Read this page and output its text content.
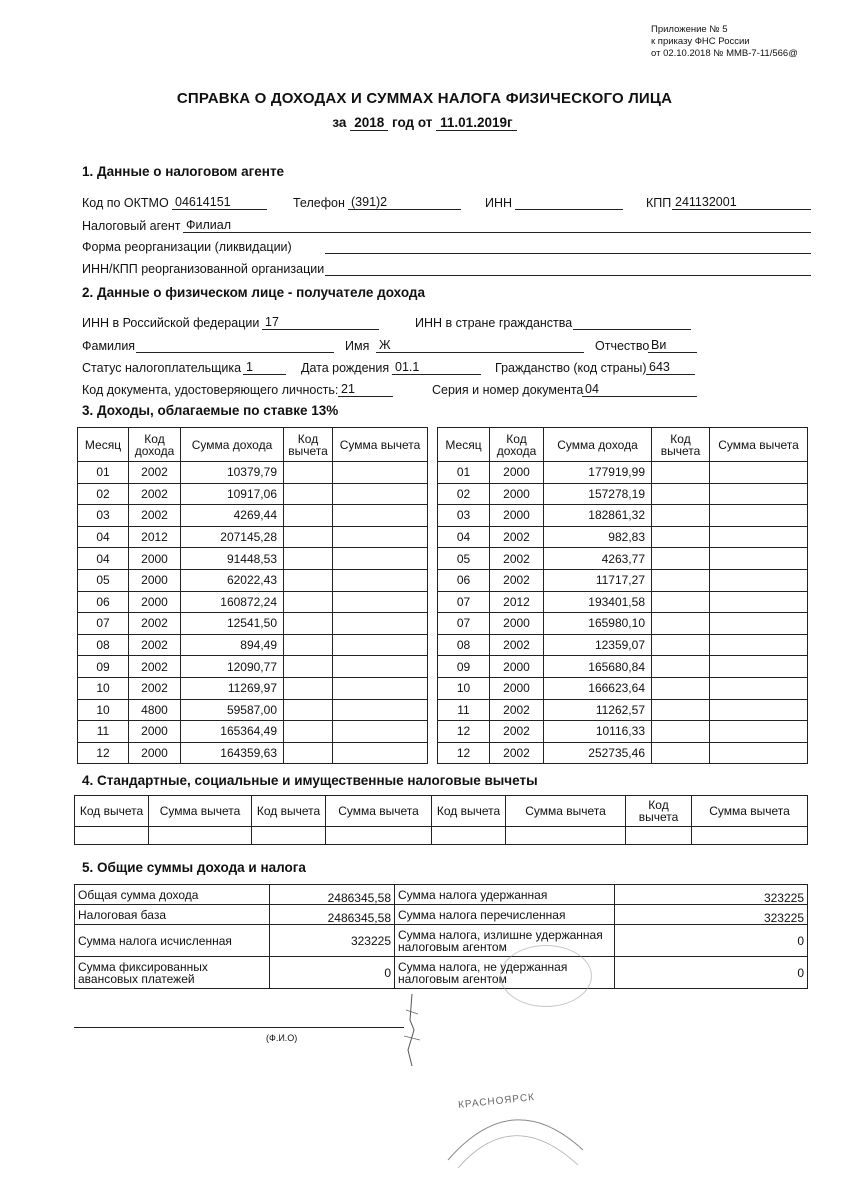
Приложение № 5
к приказу ФНС России
от 02.10.2018 № ММВ-7-11/566@
СПРАВКА О ДОХОДАХ И СУММАХ НАЛОГА ФИЗИЧЕСКОГО ЛИЦА
за 2018 год от 11.01.2019г
1. Данные о налоговом агенте
Код по ОКТМО 04614151	Телефон (391)2	ИНН	КПП 241132001
Налоговый агент Филиал
Форма реорганизации (ликвидации)
ИНН/КПП реорганизованной организации
2. Данные о физическом лице - получателе дохода
ИНН в Российской федерации 17	ИНН в стране гражданства
Фамилия	Имя Ж	Отчество Ви
Статус налогоплательщика 1	Дата рождения 01.1	Гражданство (код страны) 643
Код документа, удостоверяющего личность: 21	Серия и номер документа 04
3. Доходы, облагаемые по ставке 13%
Месяц	Код дохода	Сумма дохода	Код вычета	Сумма вычета
01	2002	10379,79		
02	2002	10917,06		
03	2002	4269,44		
04	2012	207145,28		
04	2000	91448,53		
05	2000	62022,43		
06	2000	160872,24		
07	2002	12541,50		
08	2002	894,49		
09	2002	12090,77		
10	2002	11269,97		
10	4800	59587,00		
11	2000	165364,49		
12	2000	164359,63		
Месяц	Код дохода	Сумма дохода	Код вычета	Сумма вычета
01	2000	177919,99		
02	2000	157278,19		
03	2000	182861,32		
04	2002	982,83		
05	2002	4263,77		
06	2002	11717,27		
07	2012	193401,58		
07	2000	165980,10		
08	2002	12359,07		
09	2000	165680,84		
10	2000	166623,64		
11	2002	11262,57		
12	2002	10116,33		
12	2002	252735,46		
4. Стандартные, социальные и имущественные налоговые вычеты
Код вычета	Сумма вычета	Код вычета	Сумма вычета	Код вычета	Сумма вычета	Код вычета	Сумма вычета

5. Общие суммы дохода и налога
Общая сумма дохода	2486345,58	Сумма налога удержанная	323225
Налоговая база	2486345,58	Сумма налога перечисленная	323225
Сумма налога исчисленная	323225	Сумма налога, излишне удержанная налоговым агентом	0
Сумма фиксированных авансовых платежей	0	Сумма налога, не удержанная налоговым агентом	0
(Ф.И.О)
КРАСНОЯРСК
